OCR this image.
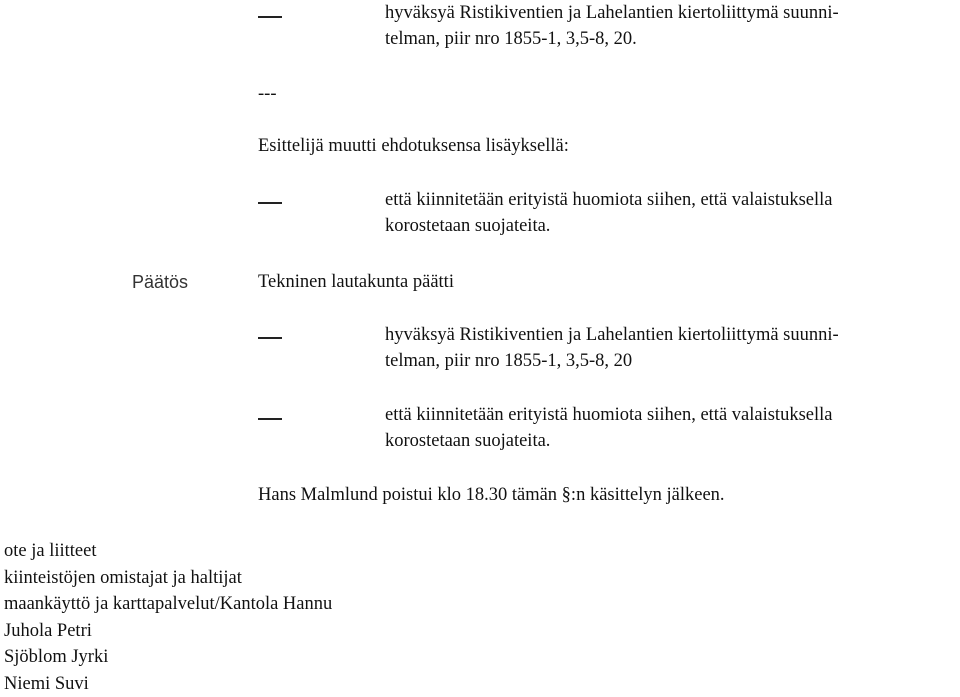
hyväksyä Ristikiventien ja Lahelantien kiertoliittymä suunni-
telman, piir nro 1855-1, 3,5-8, 20.
---
Esittelijä muutti ehdotuksensa lisäyksellä:
että kiinnitetään erityistä huomiota siihen, että valaistuksella
korostetaan suojateita.
Päätös	Tekninen lautakunta päätti
hyväksyä Ristikiventien ja Lahelantien kiertoliittymä suunni-
telman, piir nro 1855-1, 3,5-8, 20
että kiinnitetään erityistä huomiota siihen, että valaistuksella
korostetaan suojateita.
Hans Malmlund poistui klo 18.30 tämän §:n käsittelyn jälkeen.
ote ja liitteet
kiinteistöjen omistajat ja haltijat
maankäyttö ja karttapalvelut/Kantola Hannu
Juhola Petri
Sjöblom Jyrki
Niemi Suvi
